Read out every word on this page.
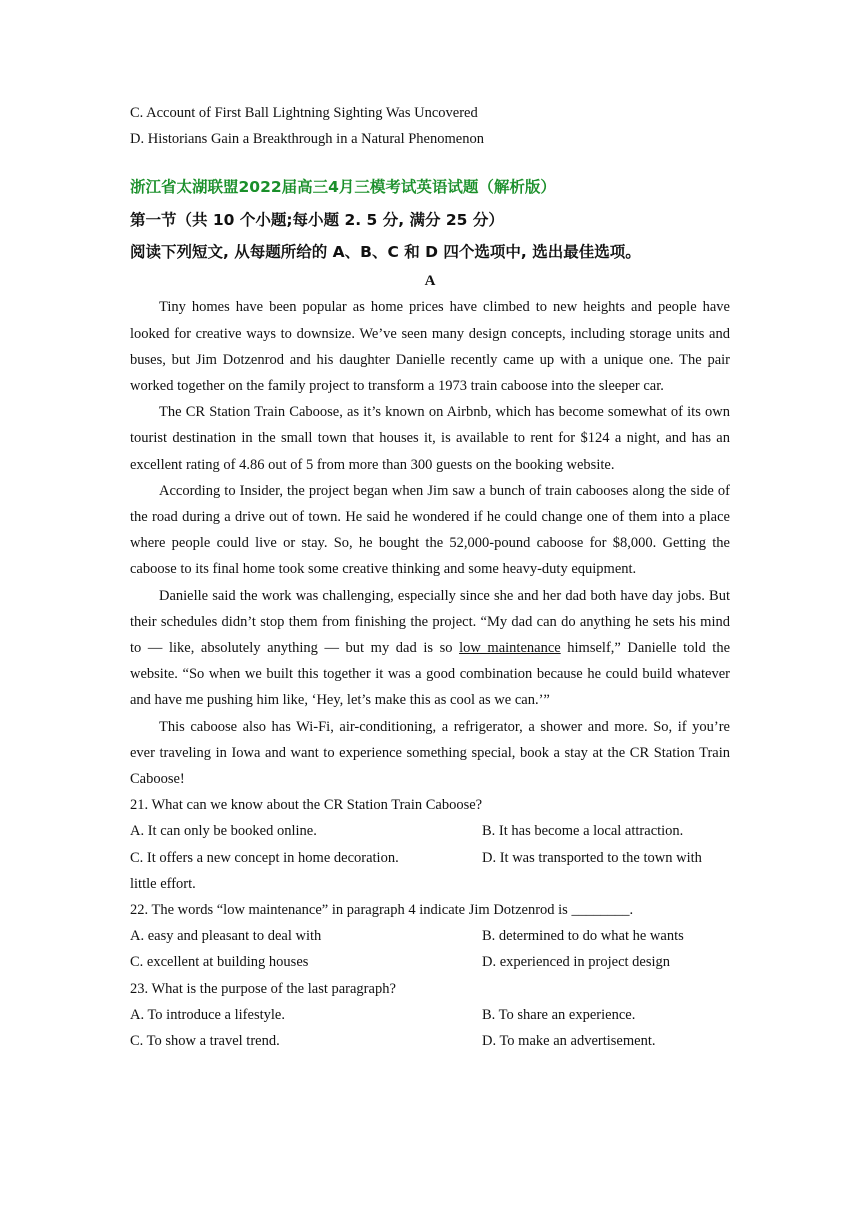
C. Account of First Ball Lightning Sighting Was Uncovered

D. Historians Gain a Breakthrough in a Natural Phenomenon

浙江省太湖联盟2022届高三4月三模考试英语试题（解析版）

第一节（共 10 个小题;每小题 2. 5 分, 满分 25 分）

阅读下列短文, 从每题所给的 A、B、C 和 D 四个选项中, 选出最佳选项。

A

Tiny homes have been popular as home prices have climbed to new heights and people have looked for creative ways to downsize. We’ve seen many design concepts, including storage units and buses, but Jim Dotzenrod and his daughter Danielle recently came up with a unique one. The pair worked together on the family project to transform a 1973 train caboose into the sleeper car.

The CR Station Train Caboose, as it’s known on Airbnb, which has become somewhat of its own tourist destination in the small town that houses it, is available to rent for $124 a night, and has an excellent rating of 4.86 out of 5 from more than 300 guests on the booking website.

According to Insider, the project began when Jim saw a bunch of train cabooses along the side of the road during a drive out of town. He said he wondered if he could change one of them into a place where people could live or stay. So, he bought the 52,000-pound caboose for $8,000. Getting the caboose to its final home took some creative thinking and some heavy-duty equipment.

Danielle said the work was challenging, especially since she and her dad both have day jobs. But their schedules didn’t stop them from finishing the project. “My dad can do anything he sets his mind to — like, absolutely anything — but my dad is so low maintenance himself,” Danielle told the website. “So when we built this together it was a good combination because he could build whatever and have me pushing him like, ‘Hey, let’s make this as cool as we can.’”

This caboose also has Wi-Fi, air-conditioning, a refrigerator, a shower and more. So, if you’re ever traveling in Iowa and want to experience something special, book a stay at the CR Station Train Caboose!

21. What can we know about the CR Station Train Caboose?

A. It can only be booked online.	B. It has become a local attraction.
C. It offers a new concept in home decoration.	D. It was transported to the town with

little effort.

22. The words “low maintenance” in paragraph 4 indicate Jim Dotzenrod is ________.

A. easy and pleasant to deal with	B. determined to do what he wants
C. excellent at building houses	D. experienced in project design

23. What is the purpose of the last paragraph?

A. To introduce a lifestyle.	B. To share an experience.
C. To show a travel trend.	D. To make an advertisement.
